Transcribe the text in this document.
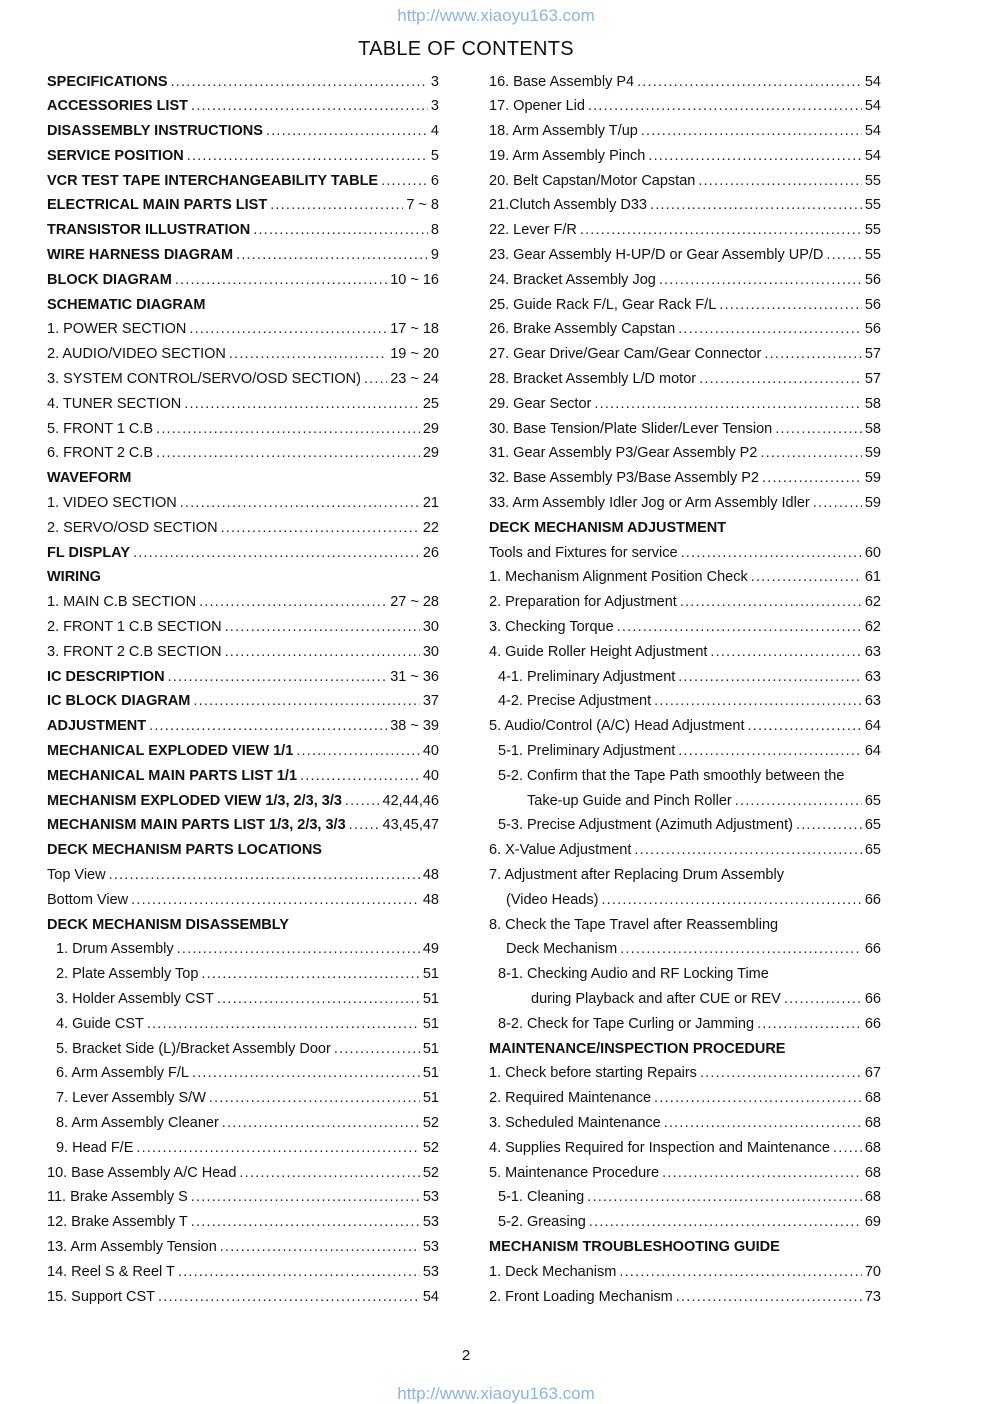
http://www.xiaoyu163.com
TABLE OF CONTENTS
SPECIFICATIONS .....	3
ACCESSORIES LIST .....	3
DISASSEMBLY INSTRUCTIONS .....	4
SERVICE POSITION .....	5
VCR TEST TAPE INTERCHANGEABILITY TABLE .....	6
ELECTRICAL MAIN PARTS LIST .....	7 ~ 8
TRANSISTOR ILLUSTRATION .....	8
WIRE HARNESS DIAGRAM .....	9
BLOCK DIAGRAM .....	10 ~ 16
SCHEMATIC DIAGRAM
1. POWER SECTION .....	17 ~ 18
2. AUDIO/VIDEO SECTION .....	19 ~ 20
3. SYSTEM CONTROL/SERVO/OSD SECTION) ..... 23 ~ 24
4. TUNER SECTION .....	25
5. FRONT 1 C.B .....	29
6. FRONT 2 C.B .....	29
WAVEFORM
1. VIDEO SECTION .....	21
2. SERVO/OSD SECTION .....	22
FL DISPLAY .....	26
WIRING
1. MAIN C.B SECTION .....	27 ~ 28
2. FRONT 1 C.B SECTION .....	30
3. FRONT 2 C.B SECTION .....	30
IC DESCRIPTION .....	31 ~ 36
IC BLOCK DIAGRAM .....	37
ADJUSTMENT .....	38 ~ 39
MECHANICAL EXPLODED VIEW 1/1 .....	40
MECHANICAL MAIN PARTS LIST 1/1 .....	40
MECHANISM EXPLODED VIEW 1/3, 2/3, 3/3 .....	42,44,46
MECHANISM MAIN PARTS LIST 1/3, 2/3, 3/3 .....	43,45,47
DECK MECHANISM PARTS LOCATIONS
Top View .....	48
Bottom View .....	48
DECK MECHANISM DISASSEMBLY
1. Drum Assembly .....	49
2. Plate Assembly Top .....	51
3. Holder Assembly CST .....	51
4. Guide CST .....	51
5. Bracket Side (L)/Bracket Assembly Door .....	51
6. Arm Assembly F/L .....	51
7. Lever Assembly S/W .....	51
8. Arm Assembly Cleaner .....	52
9. Head F/E .....	52
10. Base Assembly A/C Head .....	52
11. Brake Assembly S .....	53
12. Brake Assembly T .....	53
13. Arm Assembly Tension .....	53
14. Reel S & Reel T .....	53
15. Support CST .....	54
16. Base Assembly P4 .....	54
17. Opener Lid .....	54
18. Arm Assembly T/up .....	54
19. Arm Assembly Pinch .....	54
20. Belt Capstan/Motor Capstan .....	55
21.Clutch Assembly D33 .....	55
22. Lever F/R .....	55
23. Gear Assembly H-UP/D or Gear Assembly UP/D .....	55
24. Bracket Assembly Jog .....	56
25. Guide Rack F/L, Gear Rack F/L .....	56
26. Brake Assembly Capstan .....	56
27. Gear Drive/Gear Cam/Gear Connector .....	57
28. Bracket Assembly L/D motor .....	57
29. Gear Sector .....	58
30. Base Tension/Plate Slider/Lever Tension .....	58
31. Gear Assembly P3/Gear Assembly P2 .....	59
32. Base Assembly P3/Base Assembly P2 .....	59
33. Arm Assembly Idler Jog or Arm Assembly Idler .....	59
DECK MECHANISM ADJUSTMENT
Tools and Fixtures for service .....	60
1. Mechanism Alignment Position Check .....	61
2. Preparation for Adjustment .....	62
3. Checking Torque .....	62
4. Guide Roller Height Adjustment .....	63
4-1. Preliminary Adjustment .....	63
4-2. Precise Adjustment .....	63
5. Audio/Control (A/C) Head Adjustment .....	64
5-1. Preliminary Adjustment .....	64
5-2. Confirm that the Tape Path smoothly between the
Take-up Guide and Pinch Roller .....	65
5-3. Precise Adjustment (Azimuth Adjustment) .....	65
6. X-Value Adjustment .....	65
7. Adjustment after Replacing Drum Assembly
(Video Heads) .....	66
8. Check the Tape Travel after Reassembling
Deck Mechanism .....	66
8-1. Checking Audio and RF Locking Time
during Playback and after CUE or REV .....	66
8-2. Check for Tape Curling or Jamming .....	66
MAINTENANCE/INSPECTION PROCEDURE
1. Check before starting Repairs .....	67
2. Required Maintenance .....	68
3. Scheduled Maintenance .....	68
4. Supplies Required for Inspection and Maintenance ..... 68
5. Maintenance Procedure .....	68
5-1. Cleaning .....	68
5-2. Greasing .....	69
MECHANISM TROUBLESHOOTING GUIDE
1. Deck Mechanism .....	70
2. Front Loading Mechanism .....	73
2
http://www.xiaoyu163.com
